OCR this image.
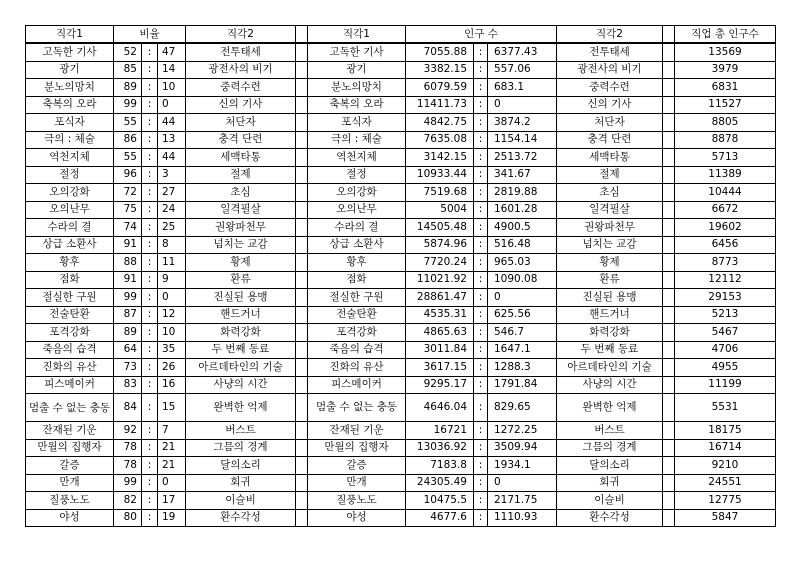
직각1	비율			직각2		직각1	인구 수			직각2		직업 총 인구수
고독한 기사	52	:	47	전투태세		고독한 기사	7055.88	:	6377.43	전투태세		13569
광기	85	:	14	광전사의 비기		광기	3382.15	:	557.06	광전사의 비기		3979
분노의망치	89	:	10	중력수련		분노의망치	6079.59	:	683.1	중력수련		6831
축복의 오라	99	:	0	신의 기사		축복의 오라	11411.73	:	0	신의 기사		11527
포식자	55	:	44	처단자		포식자	4842.75	:	3874.2	처단자		8805
극의 : 체술	86	:	13	충격 단련		극의 : 체술	7635.08	:	1154.14	충격 단련		8878
역천지체	55	:	44	세맥타통		역천지체	3142.15	:	2513.72	세맥타통		5713
절정	96	:	3	절제		절정	10933.44	:	341.67	절제		11389
오의강화	72	:	27	초심		오의강화	7519.68	:	2819.88	초심		10444
오의난무	75	:	24	일격필살		오의난무	5004	:	1601.28	일격필살		6672
수라의 결	74	:	25	권왕파천무		수라의 결	14505.48	:	4900.5	권왕파천무		19602
상급 소환사	91	:	8	넘치는 교감		상급 소환사	5874.96	:	516.48	넘치는 교감		6456
황후	88	:	11	황제		황후	7720.24	:	965.03	황제		8773
점화	91	:	9	환류		점화	11021.92	:	1090.08	환류		12112
절실한 구원	99	:	0	진실된 용맹		절실한 구원	28861.47	:	0	진실된 용맹		29153
전술탄환	87	:	12	핸드거너		전술탄환	4535.31	:	625.56	핸드거너		5213
포격강화	89	:	10	화력강화		포격강화	4865.63	:	546.7	화력강화		5467
죽음의 습격	64	:	35	두 번째 동료		죽음의 습격	3011.84	:	1647.1	두 번째 동료		4706
진화의 유산	73	:	26	아르데타인의 기술		진화의 유산	3617.15	:	1288.3	아르데타인의 기술		4955
피스메이커	83	:	16	사냥의 시간		피스메이커	9295.17	:	1791.84	사냥의 시간		11199
멈출 수 없는 충동	84	:	15	완벽한 억제		멈출 수 없는 충동	4646.04	:	829.65	완벽한 억제		5531
잔재된 기운	92	:	7	버스트		잔재된 기운	16721	:	1272.25	버스트		18175
만월의 집행자	78	:	21	그믐의 경계		만월의 집행자	13036.92	:	3509.94	그믐의 경계		16714
갈증	78	:	21	달의소리		갈증	7183.8	:	1934.1	달의소리		9210
만개	99	:	0	회귀		만개	24305.49	:	0	회귀		24551
질풍노도	82	:	17	이슬비		질풍노도	10475.5	:	2171.75	이슬비		12775
야성	80	:	19	환수각성		야성	4677.6	:	1110.93	환수각성		5847
